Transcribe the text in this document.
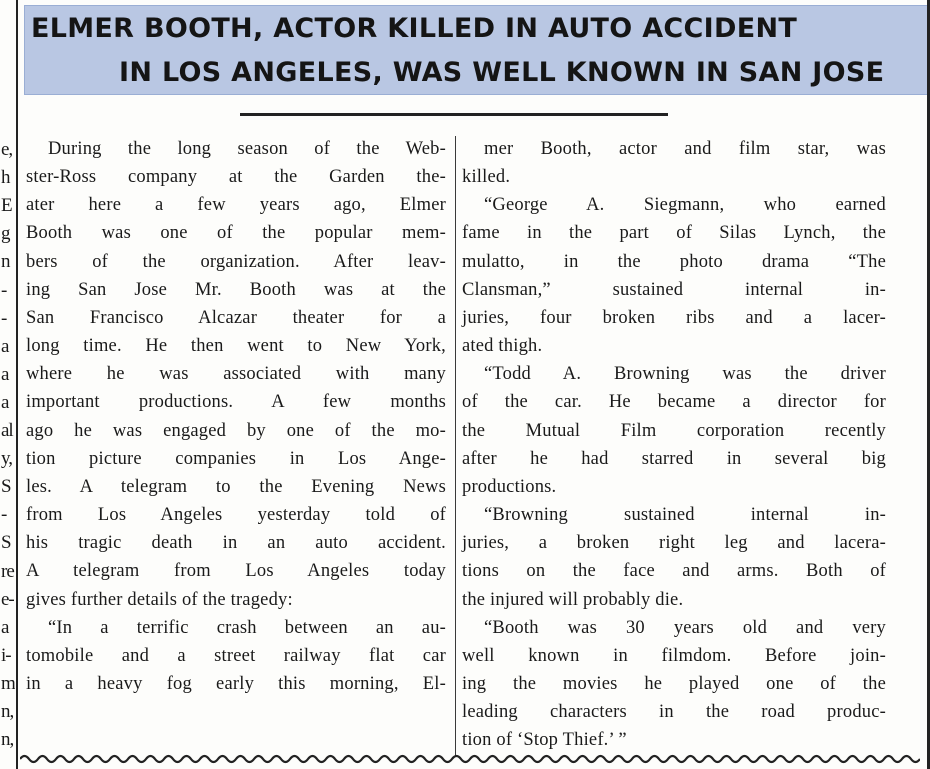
e,
h
E
g
n
-
-
a
a
a
al
y,
S
-
S
re
e-
a
i-
m
n,
n,
ELMER BOOTH, ACTOR KILLED IN AUTO ACCIDENT
IN LOS ANGELES, WAS WELL KNOWN IN SAN JOSE

During the long season of the Web-

ster-Ross company at the Garden the-

ater here a few years ago, Elmer

Booth was one of the popular mem-

bers of the organization. After leav-

ing San Jose Mr. Booth was at the

San Francisco Alcazar theater for a

long time. He then went to New York,

where he was associated with many

important productions. A few months

ago he was engaged by one of the mo-

tion picture companies in Los Ange-

les. A telegram to the Evening News

from Los Angeles yesterday told of

his tragic death in an auto accident.

A telegram from Los Angeles today

gives further details of the tragedy:

“In a terrific crash between an au-

tomobile and a street railway flat car

in a heavy fog early this morning, El-

mer Booth, actor and film star, was

killed.

“George A. Siegmann, who earned

fame in the part of Silas Lynch, the

mulatto, in the photo drama “The

Clansman,” sustained internal in-

juries, four broken ribs and a lacer-

ated thigh.

“Todd A. Browning was the driver

of the car. He became a director for

the Mutual Film corporation recently

after he had starred in several big

productions.

“Browning sustained internal in-

juries, a broken right leg and lacera-

tions on the face and arms. Both of

the injured will probably die.

“Booth was 30 years old and very

well known in filmdom. Before join-

ing the movies he played one of the

leading characters in the road produc-

tion of ‘Stop Thief.’ ”
